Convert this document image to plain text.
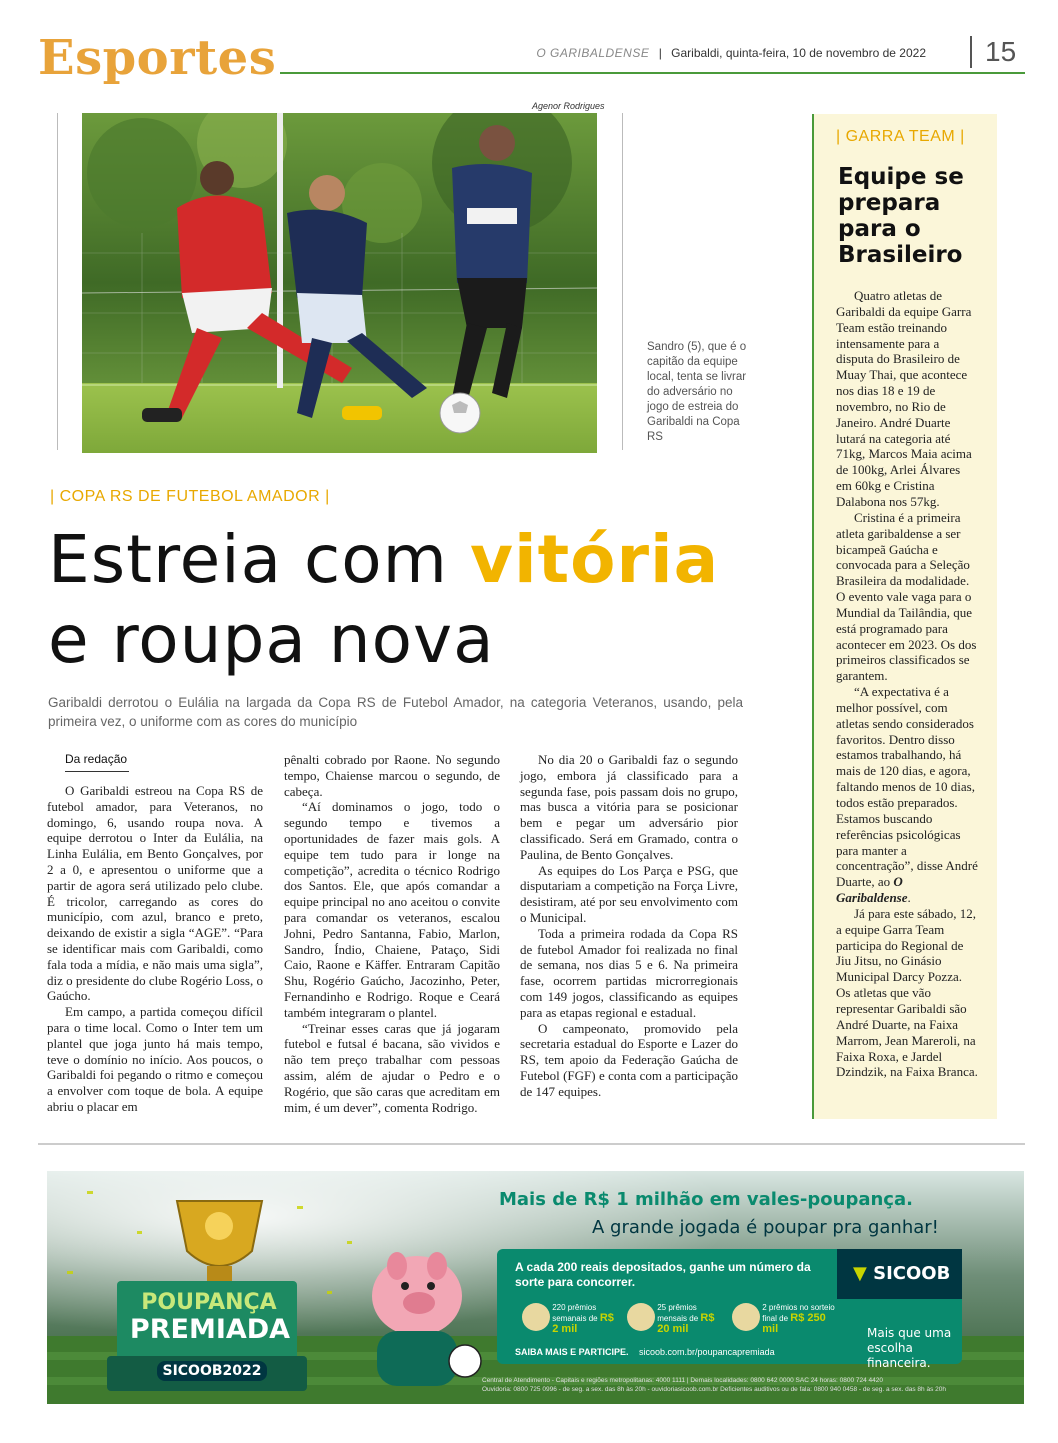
Esportes	O GARIBALDENSE | Garibaldi, quinta-feira, 10 de novembro de 2022 15
Agenor Rodrigues
Sandro (5), que é o capitão da equipe local, tenta se livrar do adversário no jogo de estreia do Garibaldi na Copa RS
| COPA RS DE FUTEBOL AMADOR |
Estreia com vitória
e roupa nova
Garibaldi derrotou o Eulália na largada da Copa RS de Futebol Amador, na categoria Veteranos, usando, pela primeira vez, o uniforme com as cores do município
Da redação

O Garibaldi estreou na Copa RS de futebol amador, para Veteranos, no domingo, 6, usando roupa nova. A equipe derrotou o Inter da Eulália, na Linha Eulália, em Bento Gonçalves, por 2 a 0, e apresentou o uniforme que a partir de agora será utilizado pelo clube. É tricolor, carregando as cores do município, com azul, branco e preto, deixando de existir a sigla “AGE”. “Para se identificar mais com Garibaldi, como fala toda a mídia, e não mais uma sigla”, diz o presidente do clube Rogério Loss, o Gaúcho.

Em campo, a partida começou difícil para o time local. Como o Inter tem um plantel que joga junto há mais tempo, teve o domínio no início. Aos poucos, o Garibaldi foi pegando o ritmo e começou a envolver com toque de bola. A equipe abriu o placar em

pênalti cobrado por Raone. No segundo tempo, Chaiense marcou o segundo, de cabeça.

“Aí dominamos o jogo, todo o segundo tempo e tivemos a oportunidades de fazer mais gols. A equipe tem tudo para ir longe na competição”, acredita o técnico Rodrigo dos Santos. Ele, que após comandar a equipe principal no ano aceitou o convite para comandar os veteranos, escalou Johni, Pedro Santanna, Fabio, Marlon, Sandro, Índio, Chaiene, Pataço, Sidi Caio, Raone e Käffer. Entraram Capitão Shu, Rogério Gaúcho, Jacozinho, Peter, Fernandinho e Rodrigo. Roque e Ceará também integraram o plantel.

“Treinar esses caras que já jogaram futebol e futsal é bacana, são vividos e não tem preço trabalhar com pessoas assim, além de ajudar o Pedro e o Rogério, que são caras que acreditam em mim, é um dever”, comenta Rodrigo.

No dia 20 o Garibaldi faz o segundo jogo, embora já classificado para a segunda fase, pois passam dois no grupo, mas busca a vitória para se posicionar bem e pegar um adversário pior classificado. Será em Gramado, contra o Paulina, de Bento Gonçalves.

As equipes do Los Parça e PSG, que disputariam a competição na Força Livre, desistiram, até por seu envolvimento com o Municipal.

Toda a primeira rodada da Copa RS de futebol Amador foi realizada no final de semana, nos dias 5 e 6. Na primeira fase, ocorrem partidas microrregionais com 149 jogos, classificando as equipes para as etapas regional e estadual.

O campeonato, promovido pela secretaria estadual do Esporte e Lazer do RS, tem apoio da Federação Gaúcha de Futebol (FGF) e conta com a participação de 147 equipes.

| GARRA TEAM |
Equipe se prepara para o Brasileiro

Quatro atletas de Garibaldi da equipe Garra Team estão treinando intensamente para a disputa do Brasileiro de Muay Thai, que acontece nos dias 18 e 19 de novembro, no Rio de Janeiro. André Duarte lutará na categoria até 71kg, Marcos Maia acima de 100kg, Arlei Álvares em 60kg e Cristina Dalabona nos 57kg.

Cristina é a primeira atleta garibaldense a ser bicampeã Gaúcha e convocada para a Seleção Brasileira da modalidade. O evento vale vaga para o Mundial da Tailândia, que está programado para acontecer em 2023. Os dos primeiros classificados se garantem.

“A expectativa é a melhor possível, com atletas sendo considerados favoritos. Dentro disso estamos trabalhando, há mais de 120 dias, e agora, faltando menos de 10 dias, todos estão preparados. Estamos buscando referências psicológicas para manter a concentração”, disse André Duarte, ao O Garibaldense.

Já para este sábado, 12, a equipe Garra Team participa do Regional de Jiu Jitsu, no Ginásio Municipal Darcy Pozza. Os atletas que vão representar Garibaldi são André Duarte, na Faixa Marrom, Jean Mareroli, na Faixa Roxa, e Jardel Dzindzik, na Faixa Branca.

POUPANÇA
PREMIADA
SICOOB2022
Mais de R$ 1 milhão em vales-poupança.
A grande jogada é poupar pra ganhar!
A cada 200 reais depositados, ganhe um número da sorte para concorrer.	▼ SICOOB
220 prêmios semanais de R$ 2 mil
25 prêmios mensais de R$ 20 mil
2 prêmios no sorteio final de R$ 250 mil
SAIBA MAIS E PARTICIPE. sicoob.com.br/poupancapremiada
Mais que uma escolha financeira.
Central de Atendimento - Capitais e regiões metropolitanas: 4000 1111 | Demais localidades: 0800 642 0000 SAC 24 horas: 0800 724 4420
Ouvidoria: 0800 725 0996 - de seg. a sex. das 8h às 20h - ouvidoriasicoob.com.br Deficientes auditivos ou de fala: 0800 940 0458 - de seg. a sex. das 8h às 20h
